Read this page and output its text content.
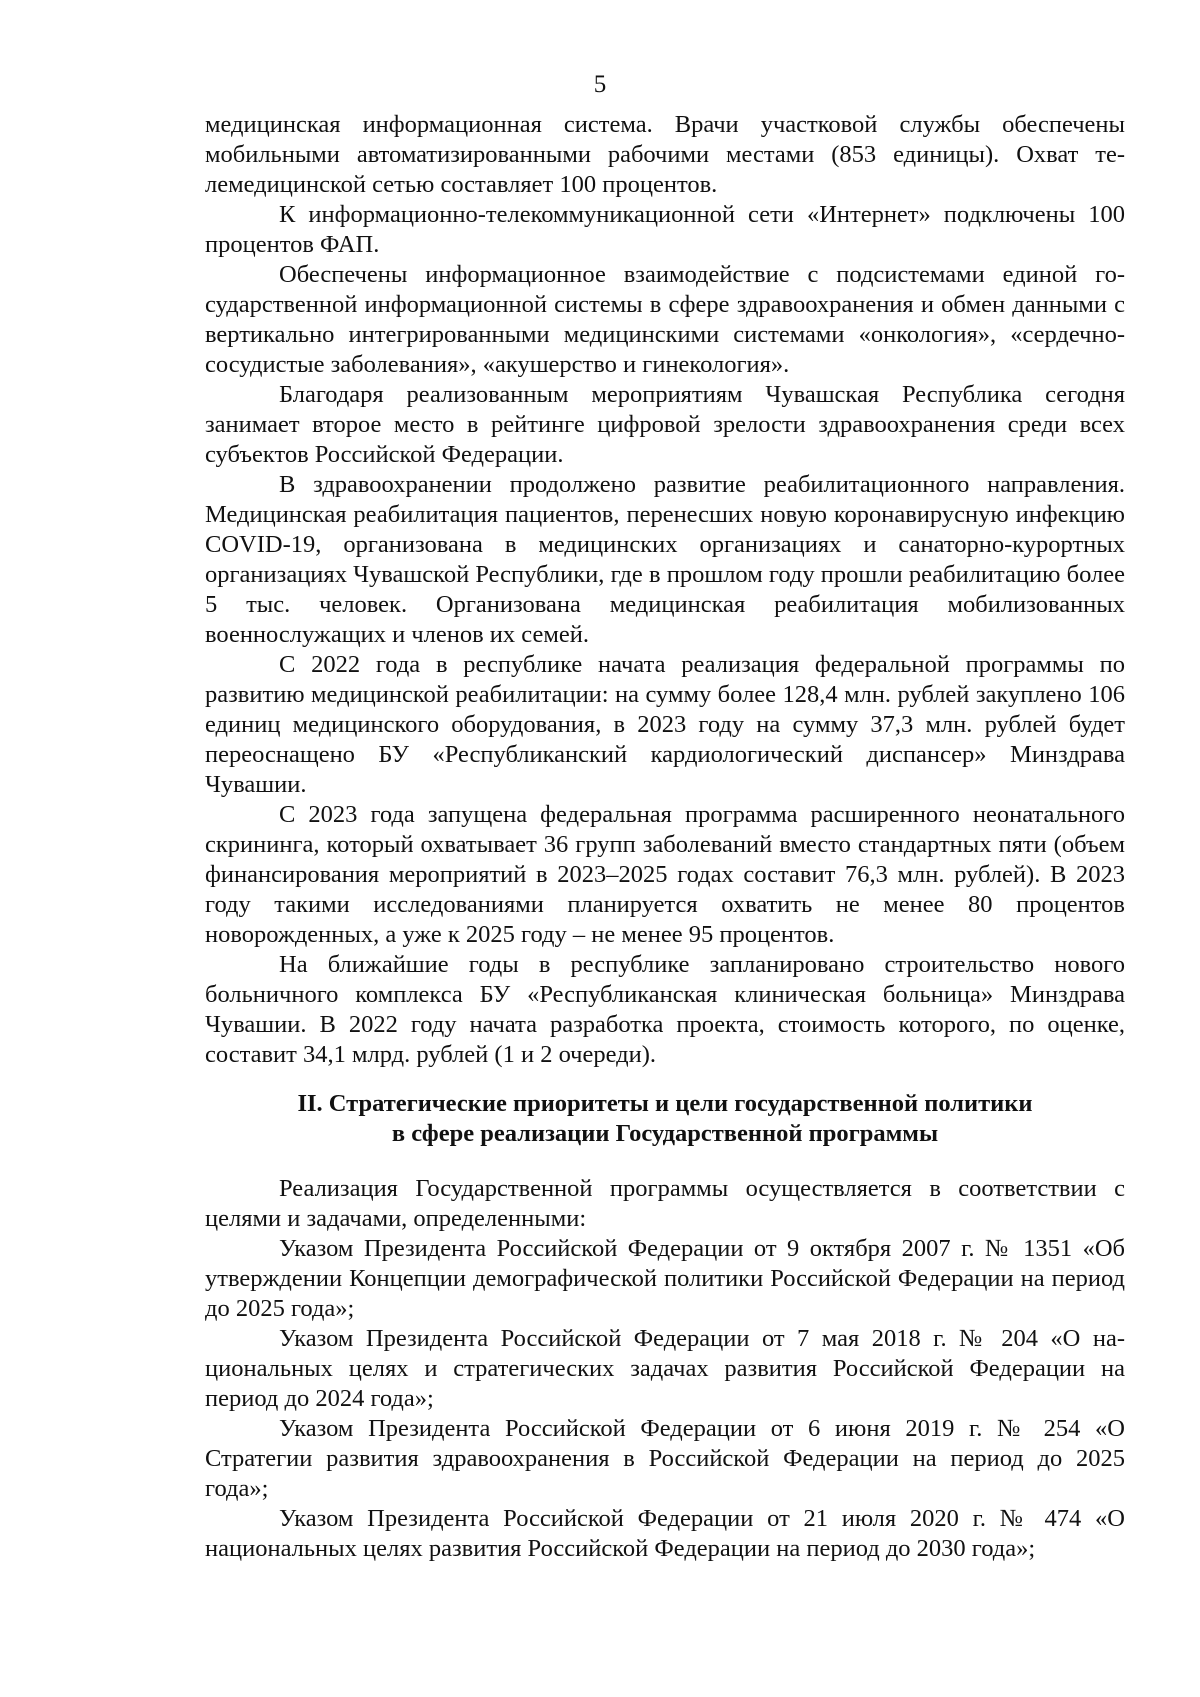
5

медицинская информационная система. Врачи участковой службы обеспечены мобильными автоматизированными рабочими местами (853 единицы). Охват телемедицинской сетью составляет 100 процентов.

К информационно-телекоммуникационной сети «Интернет» подключены 100 процентов ФАП.

Обеспечены информационное взаимодействие с подсистемами единой государственной информационной системы в сфере здравоохранения и обмен данными с вертикально интегрированными медицинскими системами «онкология», «сердечно-сосудистые заболевания», «акушерство и гинекология».

Благодаря реализованным мероприятиям Чувашская Республика сегодня занимает второе место в рейтинге цифровой зрелости здравоохранения среди всех субъектов Российской Федерации.

В здравоохранении продолжено развитие реабилитационного направления. Медицинская реабилитация пациентов, перенесших новую коронавирусную инфекцию COVID-19, организована в медицинских организациях и санаторно-курортных организациях Чувашской Республики, где в прошлом году прошли реабилитацию более 5 тыс. человек. Организована медицинская реабилитация мобилизованных военнослужащих и членов их семей.

С 2022 года в республике начата реализация федеральной программы по развитию медицинской реабилитации: на сумму более 128,4 млн. рублей закуплено 106 единиц медицинского оборудования, в 2023 году на сумму 37,3 млн. рублей будет переоснащено БУ «Республиканский кардиологический диспансер» Минздрава Чувашии.

С 2023 года запущена федеральная программа расширенного неонатального скрининга, который охватывает 36 групп заболеваний вместо стандартных пяти (объем финансирования мероприятий в 2023–2025 годах составит 76,3 млн. рублей). В 2023 году такими исследованиями планируется охватить не менее 80 процентов новорожденных, а уже к 2025 году – не менее 95 процентов.

На ближайшие годы в республике запланировано строительство нового больничного комплекса БУ «Республиканская клиническая больница» Минздрава Чувашии. В 2022 году начата разработка проекта, стоимость которого, по оценке, составит 34,1 млрд. рублей (1 и 2 очереди).

II. Стратегические приоритеты и цели государственной политики
в сфере реализации Государственной программы

Реализация Государственной программы осуществляется в соответствии с целями и задачами, определенными:

Указом Президента Российской Федерации от 9 октября 2007 г. № 1351 «Об утверждении Концепции демографической политики Российской Федерации на период до 2025 года»;

Указом Президента Российской Федерации от 7 мая 2018 г. № 204 «О национальных целях и стратегических задачах развития Российской Федерации на период до 2024 года»;

Указом Президента Российской Федерации от 6 июня 2019 г. № 254 «О Стратегии развития здравоохранения в Российской Федерации на период до 2025 года»;

Указом Президента Российской Федерации от 21 июля 2020 г. № 474 «О национальных целях развития Российской Федерации на период до 2030 года»;
